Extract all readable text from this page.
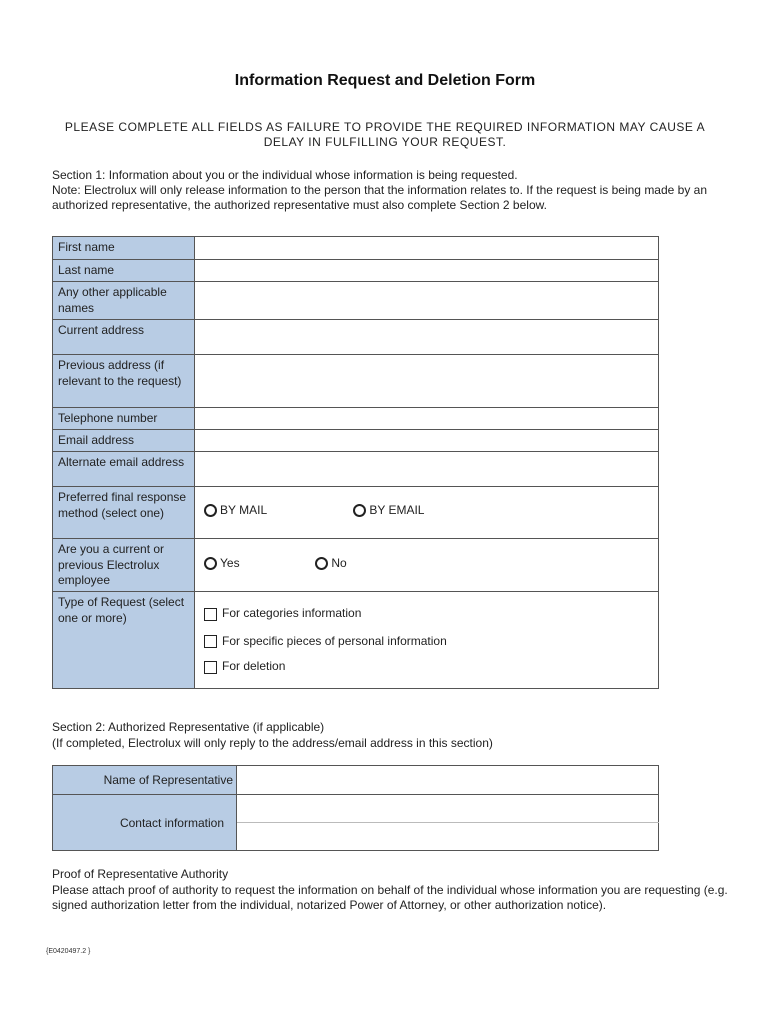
Information Request and Deletion Form
PLEASE COMPLETE ALL FIELDS AS FAILURE TO PROVIDE THE REQUIRED INFORMATION MAY CAUSE A DELAY IN FULFILLING YOUR REQUEST.
Section 1: Information about you or the individual whose information is being requested.
Note: Electrolux will only release information to the person that the information relates to. If the request is being made by an authorized representative, the authorized representative must also complete Section 2 below.
First name	
Last name	
Any other applicable names	
Current address	
Previous address (if relevant to the request)	
Telephone number	
Email address	
Alternate email address	
Preferred final response method (select one)	BY MAIL
BY EMAIL

Are you a current or previous Electrolux employee	Yes
No

Type of Request (select one or more)	For categories information
For specific pieces of personal information
For deletion
Section 2: Authorized Representative (if applicable)
(If completed, Electrolux will only reply to the address/email address in this section)
Name of Representative	
Contact information	

Proof of Representative Authority
Please attach proof of authority to request the information on behalf of the individual whose information you are requesting (e.g. signed authorization letter from the individual, notarized Power of Attorney, or other authorization notice).
{E0420497.2 }
